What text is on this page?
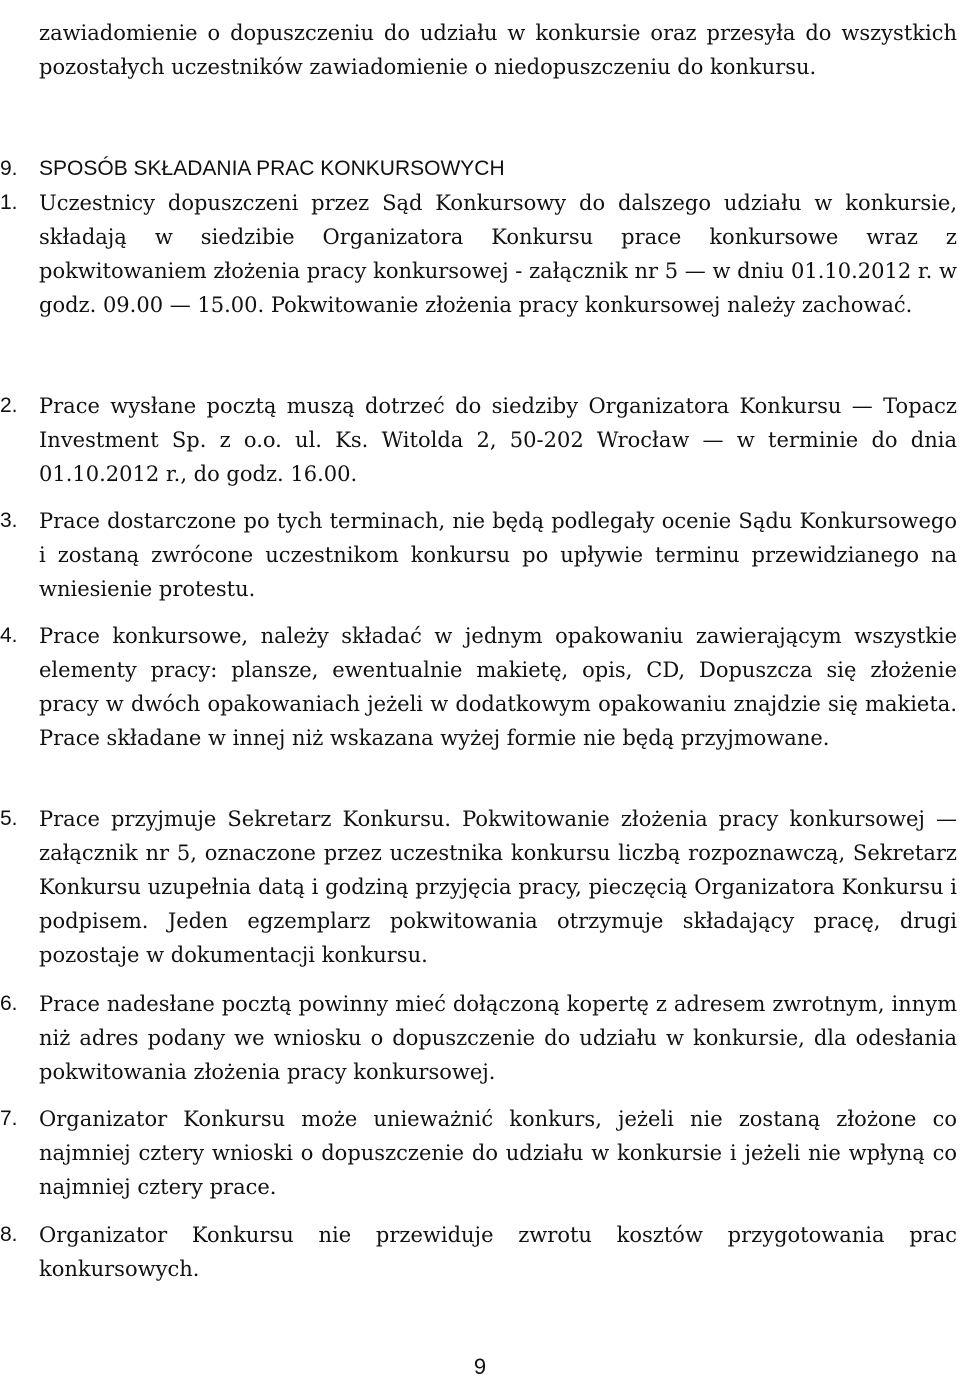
zawiadomienie o dopuszczeniu do udziału w konkursie oraz przesyła do wszystkich pozostałych uczestników zawiadomienie o niedopuszczeniu do konkursu.

9. SPOSÓB SKŁADANIA PRAC KONKURSOWYCH
1. Uczestnicy dopuszczeni przez Sąd Konkursowy do dalszego udziału w konkursie, składają w siedzibie Organizatora Konkursu prace konkursowe wraz z pokwitowaniem złożenia pracy konkursowej - załącznik nr 5 — w dniu 01.10.2012 r. w godz. 09.00 — 15.00. Pokwitowanie złożenia pracy konkursowej należy zachować.
2. Prace wysłane pocztą muszą dotrzeć do siedziby Organizatora Konkursu — Topacz Investment Sp. z o.o. ul. Ks. Witolda 2, 50-202 Wrocław — w terminie do dnia 01.10.2012 r., do godz. 16.00.
3. Prace dostarczone po tych terminach, nie będą podlegały ocenie Sądu Konkursowego i zostaną zwrócone uczestnikom konkursu po upływie terminu przewidzianego na wniesienie protestu.
4. Prace konkursowe, należy składać w jednym opakowaniu zawierającym wszystkie elementy pracy: plansze, ewentualnie makietę, opis, CD, Dopuszcza się złożenie pracy w dwóch opakowaniach jeżeli w dodatkowym opakowaniu znajdzie się makieta. Prace składane w innej niż wskazana wyżej formie nie będą przyjmowane.
5. Prace przyjmuje Sekretarz Konkursu. Pokwitowanie złożenia pracy konkursowej — załącznik nr 5, oznaczone przez uczestnika konkursu liczbą rozpoznawczą, Sekretarz Konkursu uzupełnia datą i godziną przyjęcia pracy, pieczęcią Organizatora Konkursu i podpisem. Jeden egzemplarz pokwitowania otrzymuje składający pracę, drugi pozostaje w dokumentacji konkursu.
6. Prace nadesłane pocztą powinny mieć dołączoną kopertę z adresem zwrotnym, innym niż adres podany we wniosku o dopuszczenie do udziału w konkursie, dla odesłania pokwitowania złożenia pracy konkursowej.
7. Organizator Konkursu może unieważnić konkurs, jeżeli nie zostaną złożone co najmniej cztery wnioski o dopuszczenie do udziału w konkursie i jeżeli nie wpłyną co najmniej cztery prace.
8. Organizator Konkursu nie przewiduje zwrotu kosztów przygotowania prac konkursowych.
9
